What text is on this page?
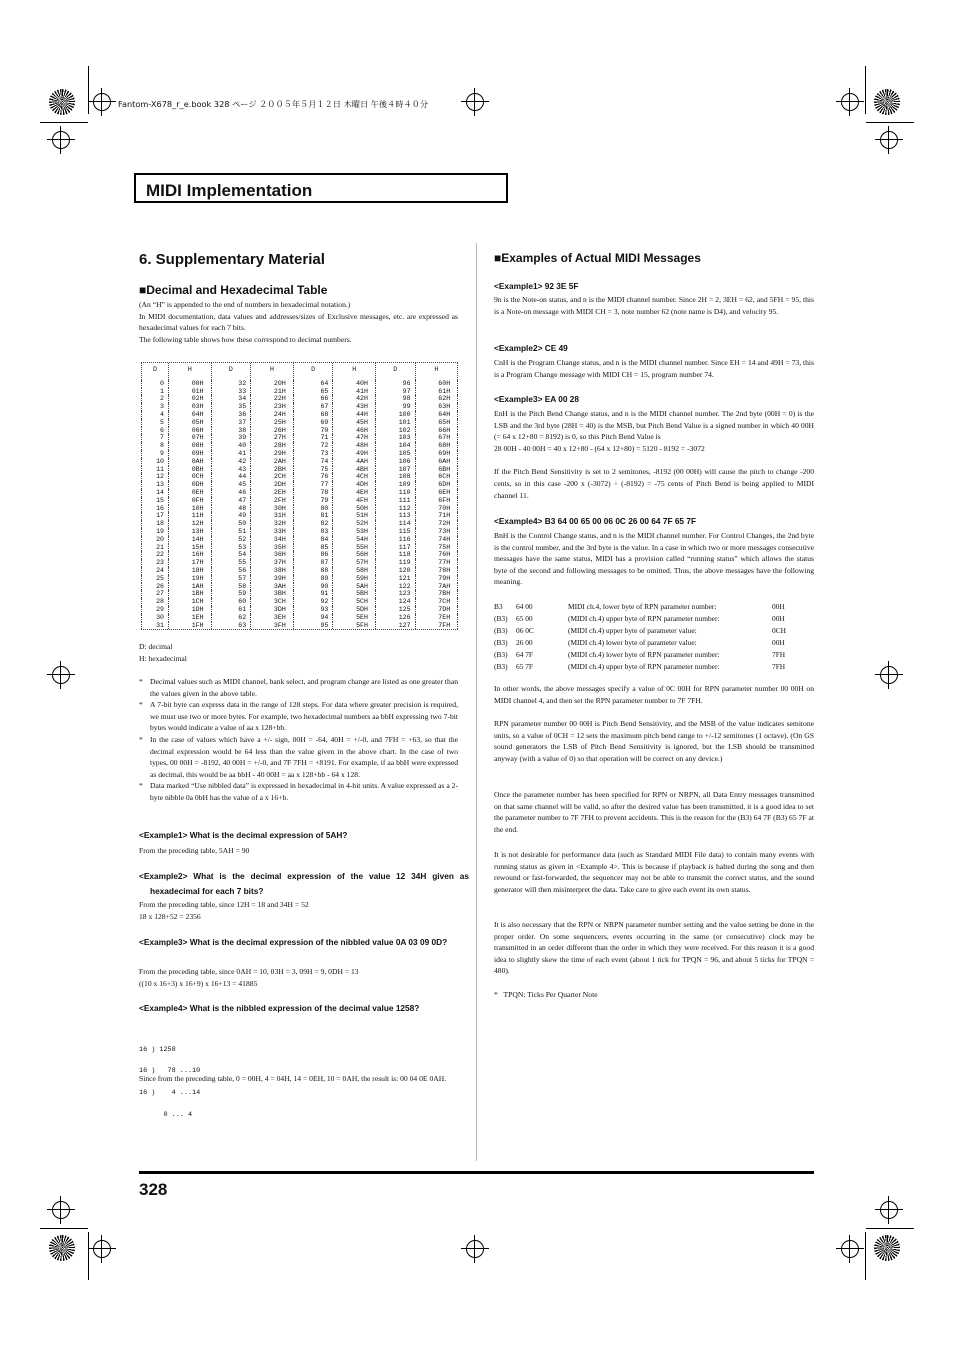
Fantom-X678_r_e.book 328 ページ ２００５年５月１２日 木曜日 午後４時４０分
MIDI Implementation
6. Supplementary Material
■Decimal and Hexadecimal Table
(An “H” is appended to the end of numbers in hexadecimal notation.)
In MIDI documentation, data values and addresses/sizes of Exclusive messages, etc. are expressed as hexadecimal values for each 7 bits.
The following table shows how these correspond to decimal numbers.
	D		H		D		H		D		H		D		H	
	0		00H		32		20H		64		40H		96		60H	
	1		01H		33		21H		65		41H		97		61H	
	2		02H		34		22H		66		42H		98		62H	
	3		03H		35		23H		67		43H		99		63H	
	4		04H		36		24H		68		44H		100		64H	
	5		05H		37		25H		69		45H		101		65H	
	6		06H		38		26H		70		46H		102		66H	
	7		07H		39		27H		71		47H		103		67H	
	8		08H		40		28H		72		48H		104		68H	
	9		09H		41		29H		73		49H		105		69H	
	10		0AH		42		2AH		74		4AH		106		6AH	
	11		0BH		43		2BH		75		4BH		107		6BH	
	12		0CH		44		2CH		76		4CH		108		6CH	
	13		0DH		45		2DH		77		4DH		109		6DH	
	14		0EH		46		2EH		78		4EH		110		6EH	
	15		0FH		47		2FH		79		4FH		111		6FH	
	16		10H		48		30H		80		50H		112		70H	
	17		11H		49		31H		81		51H		113		71H	
	18		12H		50		32H		82		52H		114		72H	
	19		13H		51		33H		83		53H		115		73H	
	20		14H		52		34H		84		54H		116		74H	
	21		15H		53		35H		85		55H		117		75H	
	22		16H		54		36H		86		56H		118		76H	
	23		17H		55		37H		87		57H		119		77H	
	24		18H		56		38H		88		58H		120		78H	
	25		19H		57		39H		89		59H		121		79H	
	26		1AH		58		3AH		90		5AH		122		7AH	
	27		1BH		59		3BH		91		5BH		123		7BH	
	28		1CH		60		3CH		92		5CH		124		7CH	
	29		1DH		61		3DH		93		5DH		125		7DH	
	30		1EH		62		3EH		94		5EH		126		7EH	
	31		1FH		63		3FH		95		5FH		127		7FH	
D: decimal
H: hexadecimal
* Decimal values such as MIDI channel, bank select, and program change are listed as one greater than the values given in the above table.
* A 7-bit byte can express data in the range of 128 steps. For data where greater precision is required, we must use two or more bytes. For example, two hexadecimal numbers aa bbH expressing two 7-bit bytes would indicate a value of aa x 128+bb.
* In the case of values which have a +/- sign, 00H = -64, 40H = +/-0, and 7FH = +63, so that the decimal expression would be 64 less than the value given in the above chart. In the case of two types, 00 00H = -8192, 40 00H = +/-0, and 7F 7FH = +8191. For example, if aa bbH were expressed as decimal, this would be aa bbH - 40 00H = aa x 128+bb - 64 x 128.
* Data marked “Use nibbled data” is expressed in hexadecimal in 4-bit units. A value expressed as a 2-byte nibble 0a 0bH has the value of a x 16+b.
<Example1> What is the decimal expression of 5AH?
From the preceding table, 5AH = 90
<Example2> What is the decimal expression of the value 12 34H given as hexadecimal for each 7 bits?
From the preceding table, since 12H = 18 and 34H = 52
18 x 128+52 = 2356
<Example3> What is the decimal expression of the nibbled value 0A 03 09 0D?
From the preceding table, since 0AH = 10, 03H = 3, 09H = 9, 0DH = 13
((10 x 16+3) x 16+9) x 16+13 = 41885
<Example4> What is the nibbled expression of the decimal value 1258?

16 ) 1258

16 )   78 ...10

16 )    4 ...14

0 ... 4

Since from the preceding table, 0 = 00H, 4 = 04H, 14 = 0EH, 10 = 0AH, the result is: 00 04 0E 0AH.
■Examples of Actual MIDI Messages
<Example1> 92 3E 5F
9n is the Note-on status, and n is the MIDI channel number. Since 2H = 2, 3EH = 62, and 5FH = 95, this is a Note-on message with MIDI CH = 3, note number 62 (note name is D4), and velocity 95.
<Example2> CE 49
CnH is the Program Change status, and n is the MIDI channel number. Since EH = 14 and 49H = 73, this is a Program Change message with MIDI CH = 15, program number 74.
<Example3> EA 00 28
EnH is the Pitch Bend Change status, and n is the MIDI channel number. The 2nd byte (00H = 0) is the LSB and the 3rd byte (28H = 40) is the MSB, but Pitch Bend Value is a signed number in which 40 00H (= 64 x 12+80 = 8192) is 0, so this Pitch Bend Value is
28 00H - 40 00H = 40 x 12+80 - (64 x 12+80) = 5120 - 8192 = -3072
If the Pitch Bend Sensitivity is set to 2 semitones, -8192 (00 00H) will cause the pitch to change -200 cents, so in this case -200 x (-3072) ÷ (-8192) = -75 cents of Pitch Bend is being applied to MIDI channel 11.
<Example4> B3 64 00 65 00 06 0C 26 00 64 7F 65 7F
BnH is the Control Change status, and n is the MIDI channel number. For Control Changes, the 2nd byte is the control number, and the 3rd byte is the value. In a case in which two or more messages consecutive messages have the same status, MIDI has a provision called “running status” which allows the status byte of the second and following messages to be omitted. Thus, the above messages have the following meaning.
B3	64 00	MIDI ch.4, lower byte of RPN parameter number:	00H
(B3)	65 00	(MIDI ch.4) upper byte of RPN parameter number:	00H
(B3)	06 0C	(MIDI ch.4) upper byte of parameter value:	0CH
(B3)	26 00	(MIDI ch.4) lower byte of parameter value:	00H
(B3)	64 7F	(MIDI ch.4) lower byte of RPN parameter number:	7FH
(B3)	65 7F	(MIDI ch.4) upper byte of RPN parameter number:	7FH
In other words, the above messages specify a value of 0C 00H for RPN parameter number 00 00H on MIDI channel 4, and then set the RPN parameter number to 7F 7FH.
RPN parameter number 00 00H is Pitch Bend Sensitivity, and the MSB of the value indicates semitone units, so a value of 0CH = 12 sets the maximum pitch bend range to +/-12 semitones (1 octave). (On GS sound generators the LSB of Pitch Bend Sensitivity is ignored, but the LSB should be transmitted anyway (with a value of 0) so that operation will be correct on any device.)
Once the parameter number has been specified for RPN or NRPN, all Data Entry messages transmitted on that same channel will be valid, so after the desired value has been transmitted, it is a good idea to set the parameter number to 7F 7FH to prevent accidents. This is the reason for the (B3) 64 7F (B3) 65 7F at the end.
It is not desirable for performance data (such as Standard MIDI File data) to contain many events with running status as given in <Example 4>. This is because if playback is halted during the song and then rewound or fast-forwarded, the sequencer may not be able to transmit the correct status, and the sound generator will then misinterpret the data. Take care to give each event its own status.
It is also necessary that the RPN or NRPN parameter number setting and the value setting be done in the proper order. On some sequencers, events occurring in the same (or consecutive) clock may be transmitted in an order different than the order in which they were received. For this reason it is a good idea to slightly skew the time of each event (about 1 tick for TPQN = 96, and about 5 ticks for TPQN = 480).
*   TPQN: Ticks Per Quarter Note
328
